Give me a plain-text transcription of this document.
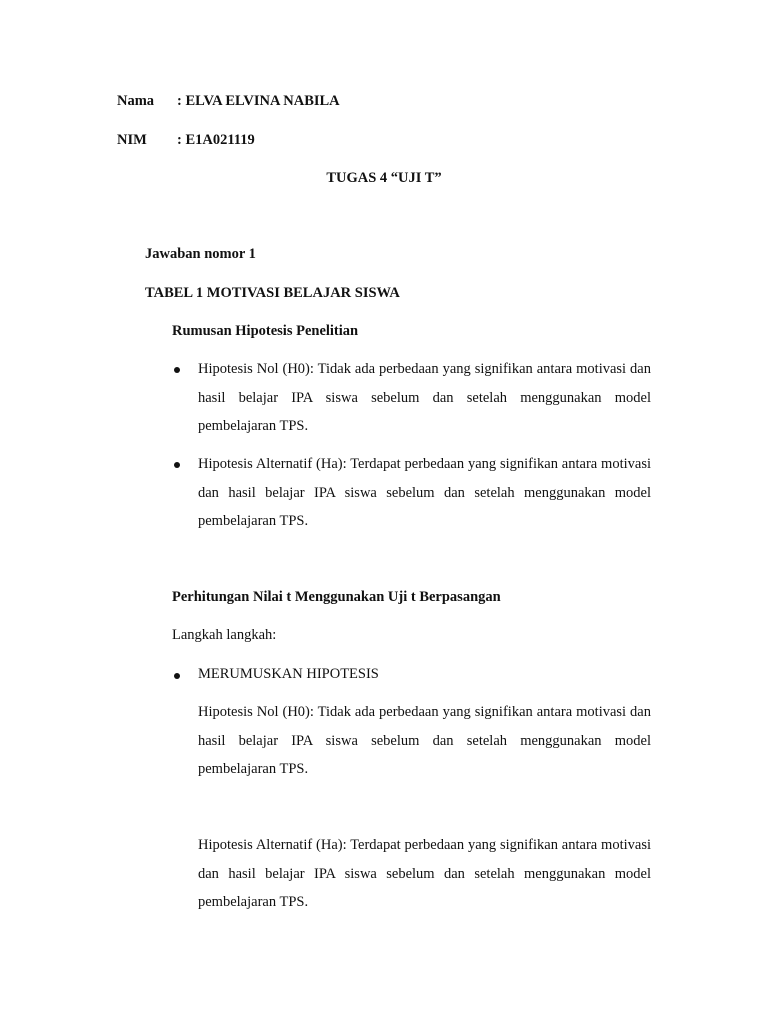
Nama : ELVA ELVINA NABILA
NIM : E1A021119
TUGAS 4 “UJI T”
Jawaban nomor 1
TABEL 1 MOTIVASI BELAJAR SISWA
Rumusan Hipotesis Penelitian
Hipotesis Nol (H0): Tidak ada perbedaan yang signifikan antara motivasi dan hasil belajar IPA siswa sebelum dan setelah menggunakan model pembelajaran TPS.
Hipotesis Alternatif (Ha): Terdapat perbedaan yang signifikan antara motivasi dan hasil belajar IPA siswa sebelum dan setelah menggunakan model pembelajaran TPS.
Perhitungan Nilai t Menggunakan Uji t Berpasangan
Langkah langkah:
MERUMUSKAN HIPOTESIS
Hipotesis Nol (H0): Tidak ada perbedaan yang signifikan antara motivasi dan hasil belajar IPA siswa sebelum dan setelah menggunakan model pembelajaran TPS.
Hipotesis Alternatif (Ha): Terdapat perbedaan yang signifikan antara motivasi dan hasil belajar IPA siswa sebelum dan setelah menggunakan model pembelajaran TPS.
